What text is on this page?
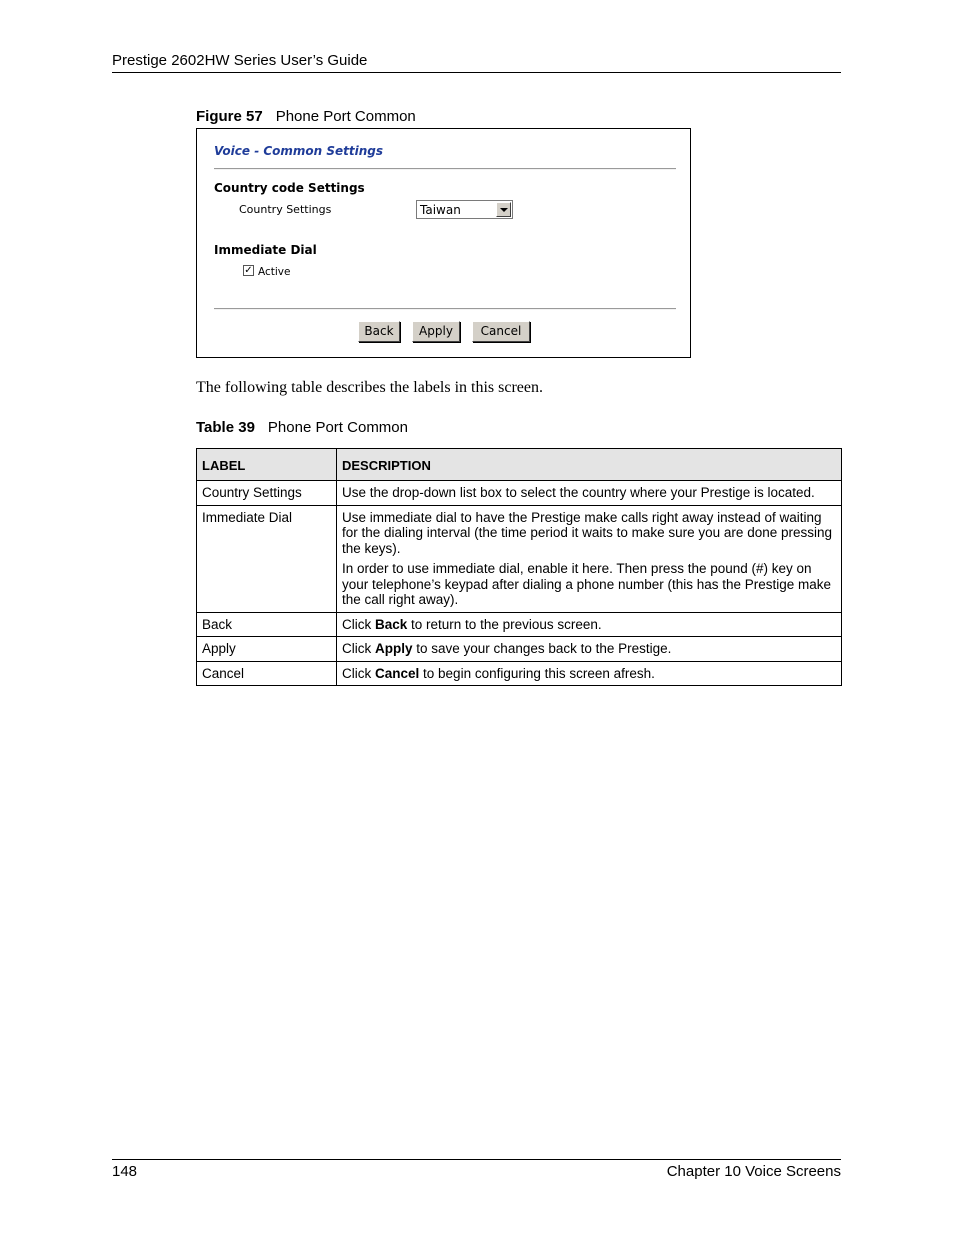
Prestige 2602HW Series User’s Guide
Figure 57 Phone Port Common
Voice - Common Settings
Country code Settings
Country Settings	Taiwan
Immediate Dial
✓ Active
Back	Apply	Cancel
The following table describes the labels in this screen.
Table 39 Phone Port Common
LABEL	DESCRIPTION
Country Settings	Use the drop-down list box to select the country where your Prestige is located.

Immediate Dial	Use immediate dial to have the Prestige make calls right away instead of waiting for the dialing interval (the time period it waits to make sure you are done pressing the keys).

In order to use immediate dial, enable it here. Then press the pound (#) key on your telephone’s keypad after dialing a phone number (this has the Prestige make the call right away).

Back	Click Back to return to the previous screen.
Apply	Click Apply to save your changes back to the Prestige.
Cancel	Click Cancel to begin configuring this screen afresh.
148	Chapter 10 Voice Screens
